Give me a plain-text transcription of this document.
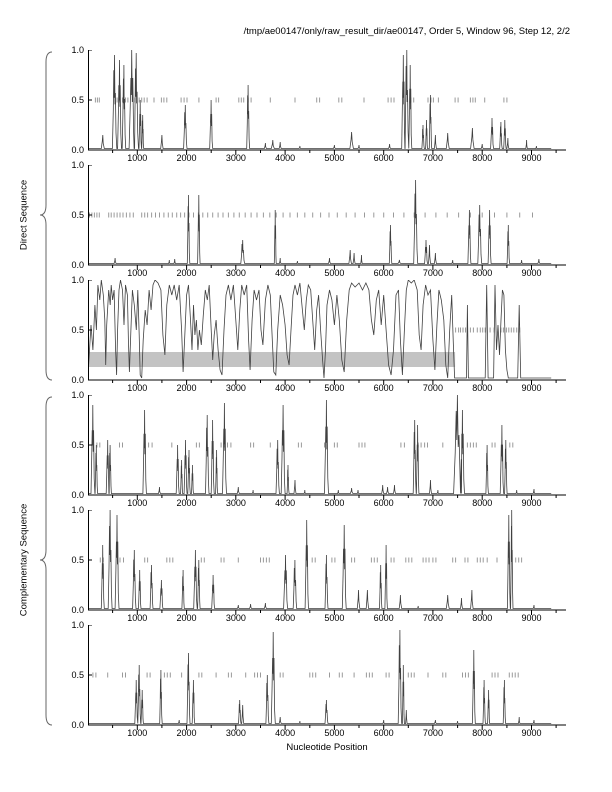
/tmp/ae00147/only/raw_result_dir/ae00147, Order 5, Window 96, Step 12, 2/2
Direct Sequence
Complementary Sequence
0.0
0.5
1.0
1000	2000	3000	4000	5000	6000	7000	8000	9000
0.0
0.5
1.0
1000	2000	3000	4000	5000	6000	7000	8000	9000
0.0
0.5
1.0
1000	2000	3000	4000	5000	6000	7000	8000	9000
0.0
0.5
1.0
1000	2000	3000	4000	5000	6000	7000	8000	9000
0.0
0.5
1.0
1000	2000	3000	4000	5000	6000	7000	8000	9000
0.0
0.5
1.0
1000	2000	3000	4000	5000	6000	7000	8000	9000
Nucleotide Position
